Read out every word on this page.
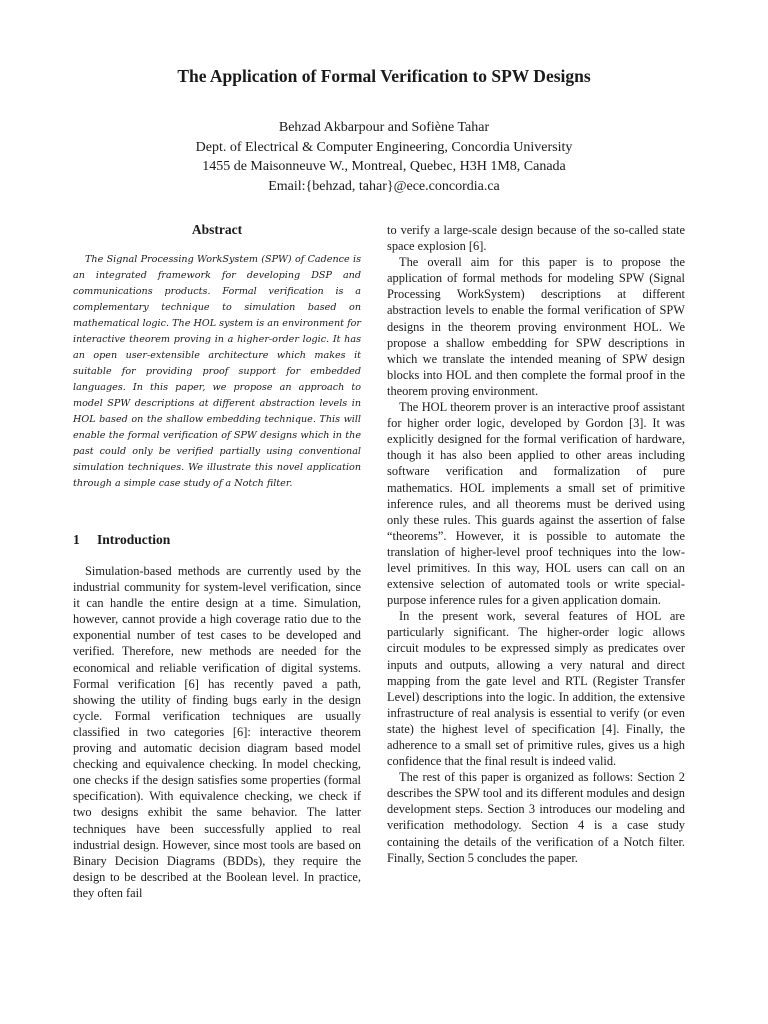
The Application of Formal Verification to SPW Designs
Behzad Akbarpour and Sofiène Tahar
Dept. of Electrical & Computer Engineering, Concordia University
1455 de Maisonneuve W., Montreal, Quebec, H3H 1M8, Canada
Email:{behzad, tahar}@ece.concordia.ca
Abstract

The Signal Processing WorkSystem (SPW) of Cadence is an integrated framework for developing DSP and communications products. Formal verification is a complementary technique to simulation based on mathematical logic. The HOL system is an environment for interactive theorem proving in a higher-order logic. It has an open user-extensible architecture which makes it suitable for providing proof support for embedded languages. In this paper, we propose an approach to model SPW descriptions at different abstraction levels in HOL based on the shallow embedding technique. This will enable the formal verification of SPW designs which in the past could only be verified partially using conventional simulation techniques. We illustrate this novel application through a simple case study of a Notch filter.

1 Introduction

Simulation-based methods are currently used by the industrial community for system-level verification, since it can handle the entire design at a time. Simulation, however, cannot provide a high coverage ratio due to the exponential number of test cases to be developed and verified. Therefore, new methods are needed for the economical and reliable verification of digital systems. Formal verification [6] has recently paved a path, showing the utility of finding bugs early in the design cycle. Formal verification techniques are usually classified in two categories [6]: interactive theorem proving and automatic decision diagram based model checking and equivalence checking. In model checking, one checks if the design satisfies some properties (formal specification). With equivalence checking, we check if two designs exhibit the same behavior. The latter techniques have been successfully applied to real industrial design. However, since most tools are based on Binary Decision Diagrams (BDDs), they require the design to be described at the Boolean level. In practice, they often fail

to verify a large-scale design because of the so-called state space explosion [6].

The overall aim for this paper is to propose the application of formal methods for modeling SPW (Signal Processing WorkSystem) descriptions at different abstraction levels to enable the formal verification of SPW designs in the theorem proving environment HOL. We propose a shallow embedding for SPW descriptions in which we translate the intended meaning of SPW design blocks into HOL and then complete the formal proof in the theorem proving environment.

The HOL theorem prover is an interactive proof assistant for higher order logic, developed by Gordon [3]. It was explicitly designed for the formal verification of hardware, though it has also been applied to other areas including software verification and formalization of pure mathematics. HOL implements a small set of primitive inference rules, and all theorems must be derived using only these rules. This guards against the assertion of false “theorems”. However, it is possible to automate the translation of higher-level proof techniques into the low-level primitives. In this way, HOL users can call on an extensive selection of automated tools or write special-purpose inference rules for a given application domain.

In the present work, several features of HOL are particularly significant. The higher-order logic allows circuit modules to be expressed simply as predicates over inputs and outputs, allowing a very natural and direct mapping from the gate level and RTL (Register Transfer Level) descriptions into the logic. In addition, the extensive infrastructure of real analysis is essential to verify (or even state) the highest level of specification [4]. Finally, the adherence to a small set of primitive rules, gives us a high confidence that the final result is indeed valid.

The rest of this paper is organized as follows: Section 2 describes the SPW tool and its different modules and design development steps. Section 3 introduces our modeling and verification methodology. Section 4 is a case study containing the details of the verification of a Notch filter. Finally, Section 5 concludes the paper.
